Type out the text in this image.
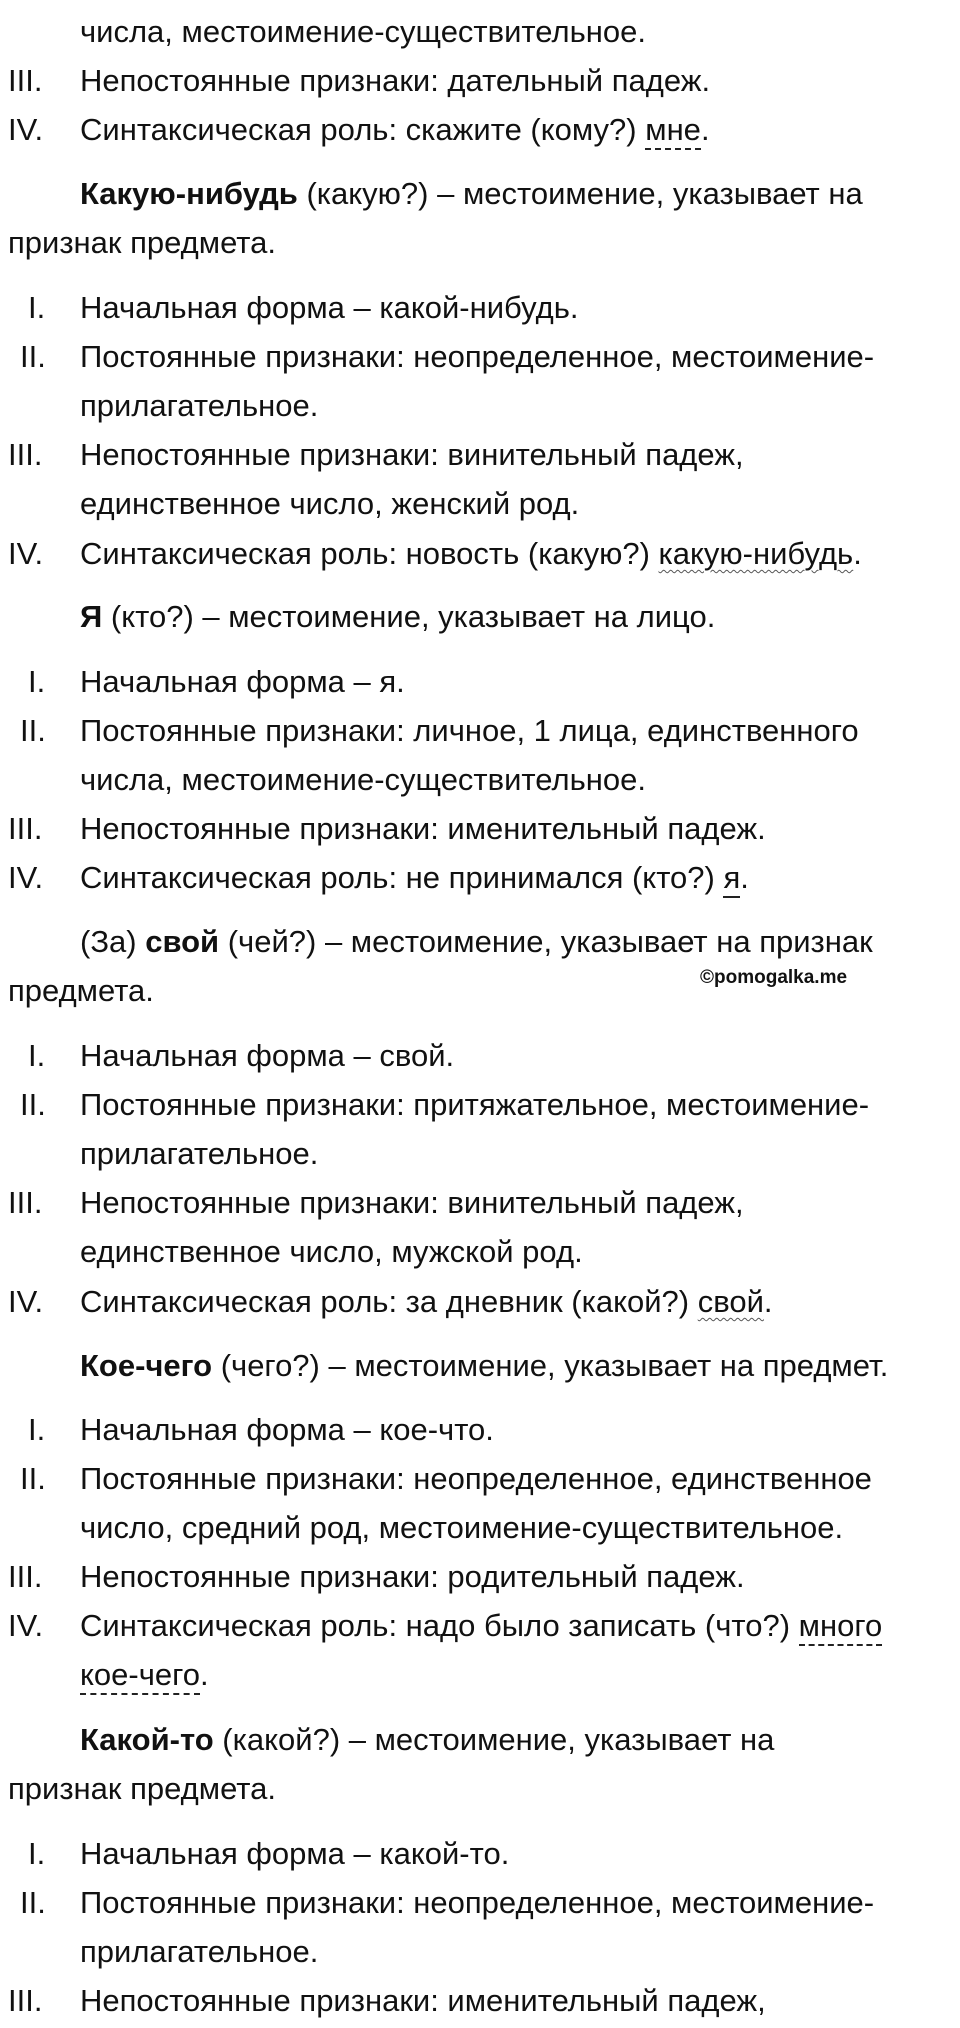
числа, местоимение-существительное.
III. Непостоянные признаки: дательный падеж.
IV. Синтаксическая роль: скажите (кому?) мне.
Какую-нибудь (какую?) – местоимение, указывает на
признак предмета.
I. Начальная форма – какой-нибудь.
II. Постоянные признаки: неопределенное, местоимение-
прилагательное.
III. Непостоянные признаки: винительный падеж,
единственное число, женский род.
IV. Синтаксическая роль: новость (какую?) какую-нибудь.
Я (кто?) – местоимение, указывает на лицо.
I. Начальная форма – я.
II. Постоянные признаки: личное, 1 лица, единственного
числа, местоимение-существительное.
III. Непостоянные признаки: именительный падеж.
IV. Синтаксическая роль: не принимался (кто?) я.
(За) свой (чей?) – местоимение, указывает на признак
предмета.	©pomogalka.me
I. Начальная форма – свой.
II. Постоянные признаки: притяжательное, местоимение-
прилагательное.
III. Непостоянные признаки: винительный падеж,
единственное число, мужской род.
IV. Синтаксическая роль: за дневник (какой?) свой.
Кое-чего (чего?) – местоимение, указывает на предмет.
I. Начальная форма – кое-что.
II. Постоянные признаки: неопределенное, единственное
число, средний род, местоимение-существительное.
III. Непостоянные признаки: родительный падеж.
IV. Синтаксическая роль: надо было записать (что?) много
кое-чего.
Какой-то (какой?) – местоимение, указывает на
признак предмета.
I. Начальная форма – какой-то.
II. Постоянные признаки: неопределенное, местоимение-
прилагательное.
III. Непостоянные признаки: именительный падеж,
